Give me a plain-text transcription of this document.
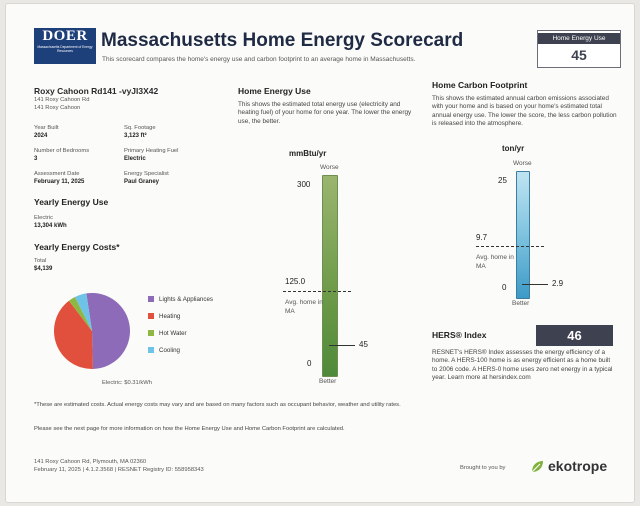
DOER
Massachusetts Department of Energy Resources	Massachusetts Home Energy Scorecard
This scorecard compares the home's energy use and carbon footprint to an average home in Massachusetts.
Home Energy Use
45
Roxy Cahoon Rd141 -vyJl3X42
141 Roxy Cahoon Rd
141 Roxy Cahoon
Year Built
2024
Sq. Footage
3,123 ft²
Number of Bedrooms
3
Primary Heating Fuel
Electric
Assessment Date
February 11, 2025
Energy Specialist
Paul Graney
Yearly Energy Use
Electric
13,304 kWh
Yearly Energy Costs*
Total
$4,139
Lights & Appliances
Heating
Hot Water
Cooling
Electric: $0.31/kWh
Home Energy Use
This shows the estimated total energy use (electricity and heating fuel) of your home for one year. The lower the energy use, the better.
mmBtu/yr
Worse
300
0
125.0
Avg. home in MA
45
Better
Home Carbon Footprint
This shows the estimated annual carbon emissions associated with your home and is based on your home's estimated total annual energy use. The lower the score, the less carbon pollution is released into the atmosphere.
ton/yr
Worse
25
0
9.7
Avg. home in MA
2.9
Better
HERS® Index	46
RESNET's HERS® Index assesses the energy efficiency of a home. A HERS-100 home is as energy efficient as a home built to 2006 code. A HERS-0 home uses zero net energy in a typical year. Learn more at hersindex.com
*These are estimated costs. Actual energy costs may vary and are based on many factors such as occupant behavior, weather and utility rates.
Please see the next page for more information on how the Home Energy Use and Home Carbon Footprint are calculated.
141 Roxy Cahoon Rd, Plymouth, MA 02360
February 11, 2025 | 4.1.2.3568 | RESNET Registry ID: 558958343	Brought to you by	ekotrope
